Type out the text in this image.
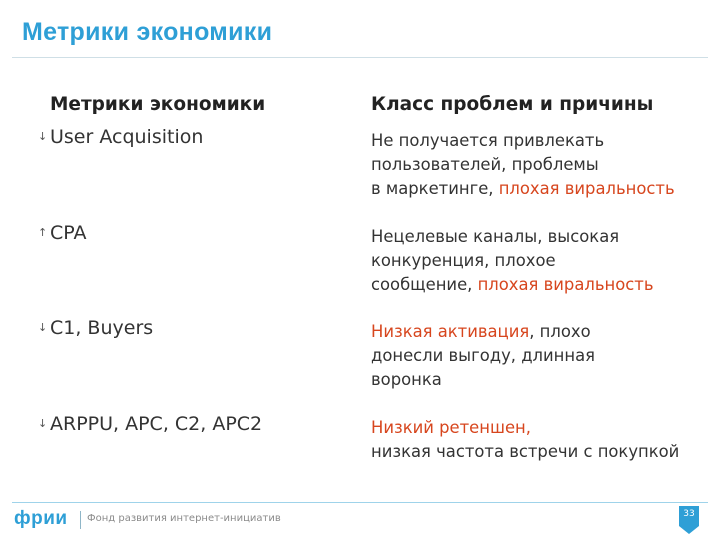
Метрики экономики
Метрики экономики	Класс проблем и причины
↓ User Acquisition	Не получается привлекать
пользователей, проблемы
в маркетинге, плохая виральность
↑ CPA	Нецелевые каналы, высокая
конкуренция, плохое
сообщение, плохая виральность
↓ C1, Buyers	Низкая активация, плохо
донесли выгоду, длинная
воронка
↓ ARPPU, APC, C2, APC2	Низкий ретеншен,
низкая частота встречи с покупкой
фрии Фонд развития интернет-инициатив	33
